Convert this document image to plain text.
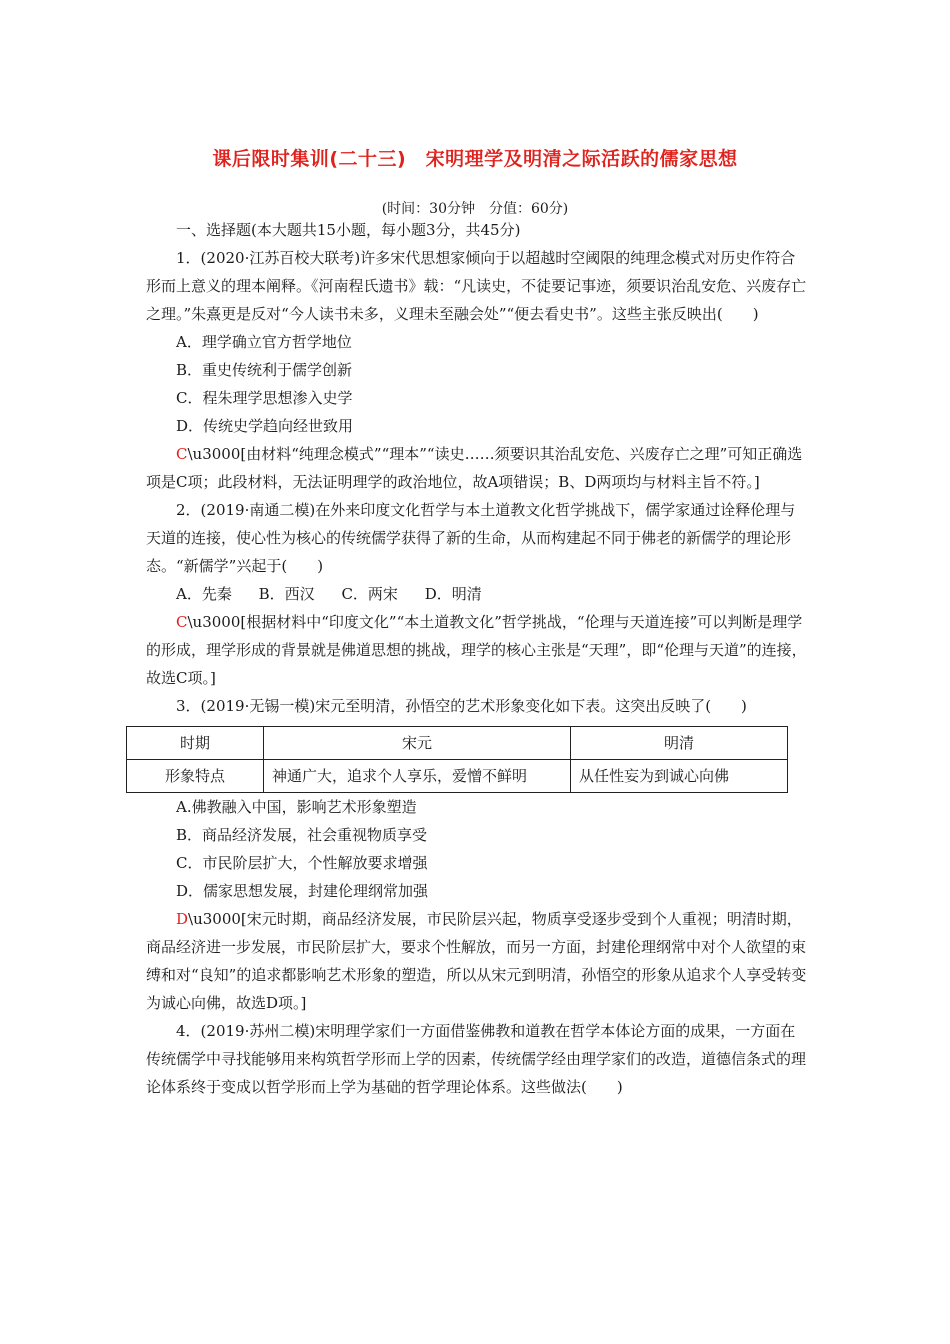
课后限时集训(二十三)　宋明理学及明清之际活跃的儒家思想
(时间：30分钟　分值：60分)

一、选择题(本大题共15小题，每小题3分，共45分)

1．(2020·江苏百校大联考)许多宋代思想家倾向于以超越时空阈限的纯理念模式对历史作符合形而上意义的理本阐释。《河南程氏遗书》载：“凡读史，不徒要记事迹，须要识治乱安危、兴废存亡之理。”朱熹更是反对“今人读书未多，义理未至融会处”“便去看史书”。这些主张反映出(　　)

A．理学确立官方哲学地位

B．重史传统利于儒学创新

C．程朱理学思想渗入史学

D．传统史学趋向经世致用

C\u3000[由材料“纯理念模式”“理本”“读史……须要识其治乱安危、兴废存亡之理”可知正确选项是C项；此段材料，无法证明理学的政治地位，故A项错误；B、D两项均与材料主旨不符。]

2．(2019·南通二模)在外来印度文化哲学与本土道教文化哲学挑战下，儒学家通过诠释伦理与天道的连接，使心性为核心的传统儒学获得了新的生命，从而构建起不同于佛老的新儒学的理论形态。“新儒学”兴起于(　　)

A．先秦 B．西汉 C．两宋 D．明清

C\u3000[根据材料中“印度文化”“本土道教文化”哲学挑战，“伦理与天道连接”可以判断是理学的形成，理学形成的背景就是佛道思想的挑战，理学的核心主张是“天理”，即“伦理与天道”的连接，故选C项。]

3．(2019·无锡一模)宋元至明清，孙悟空的艺术形象变化如下表。这突出反映了(　　)

时期	宋元	明清
形象特点	神通广大，追求个人享乐，爱憎不鲜明	从任性妄为到诚心向佛

A.佛教融入中国，影响艺术形象塑造

B．商品经济发展，社会重视物质享受

C．市民阶层扩大，个性解放要求增强

D．儒家思想发展，封建伦理纲常加强

D\u3000[宋元时期，商品经济发展，市民阶层兴起，物质享受逐步受到个人重视；明清时期，商品经济进一步发展，市民阶层扩大，要求个性解放，而另一方面，封建伦理纲常中对个人欲望的束缚和对“良知”的追求都影响艺术形象的塑造，所以从宋元到明清，孙悟空的形象从追求个人享受转变为诚心向佛，故选D项。]

4．(2019·苏州二模)宋明理学家们一方面借鉴佛教和道教在哲学本体论方面的成果，一方面在传统儒学中寻找能够用来构筑哲学形而上学的因素，传统儒学经由理学家们的改造，道德信条式的理论体系终于变成以哲学形而上学为基础的哲学理论体系。这些做法(　　)
